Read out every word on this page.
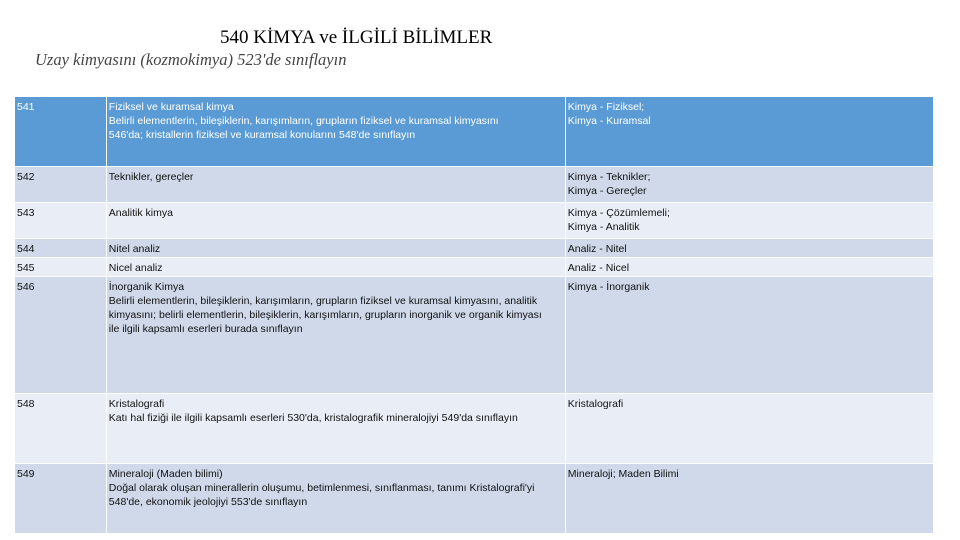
540 KİMYA ve İLGİLİ BİLİMLER
Uzay kimyasını (kozmokimya) 523'de sınıflayın
541	Fiziksel ve kuramsal kimya
Belirli elementlerin, bileşiklerin, karışımların, grupların fiziksel ve kuramsal kimyasını
546'da; kristallerin fiziksel ve kuramsal konularını 548'de sınıflayın	Kimya - Fiziksel;
Kimya - Kuramsal

542	Teknikler, gereçler	Kimya - Teknikler;
Kimya - Gereçler

543	Analitik kimya	Kimya - Çözümlemeli;
Kimya - Analitik

544	Nitel analiz	Analiz - Nitel

545	Nicel analiz	Analiz - Nicel

546	İnorganik Kimya
Belirli elementlerin, bileşiklerin, karışımların, grupların fiziksel ve kuramsal kimyasını, analitik
kimyasını; belirli elementlerin, bileşiklerin, karışımların, grupların inorganik ve organik kimyası
ile ilgili kapsamlı eserleri burada sınıflayın	Kimya - İnorganik

548	Kristalografi
Katı hal fiziği ile ilgili kapsamlı eserleri 530'da, kristalografik mineralojiyi 549'da sınıflayın	Kristalografi

549	Mineraloji (Maden bilimi)
Doğal olarak oluşan minerallerin oluşumu, betimlenmesi, sınıflanması, tanımı Kristalografi'yi
548'de, ekonomik jeolojiyi 553'de sınıflayın	Mineraloji; Maden Bilimi
